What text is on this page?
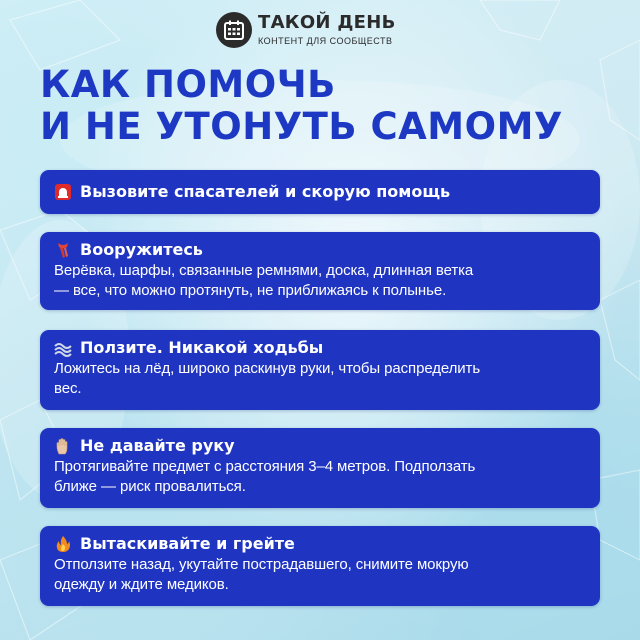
ТАКОЙ ДЕНЬ
КОНТЕНТ ДЛЯ СООБЩЕСТВ
КАК ПОМОЧЬ
И НЕ УТОНУТЬ САМОМУ
Вызовите спасателей и скорую помощь
Вооружитесь
Верёвка, шарфы, связанные ремнями, доска, длинная ветка
— все, что можно протянуть, не приближаясь к полынье.
Ползите. Никакой ходьбы
Ложитесь на лёд, широко раскинув руки, чтобы распределить
вес.
Не давайте руку
Протягивайте предмет с расстояния 3–4 метров. Подползать
ближе — риск провалиться.
Вытаскивайте и грейте
Отползите назад, укутайте пострадавшего, снимите мокрую
одежду и ждите медиков.
